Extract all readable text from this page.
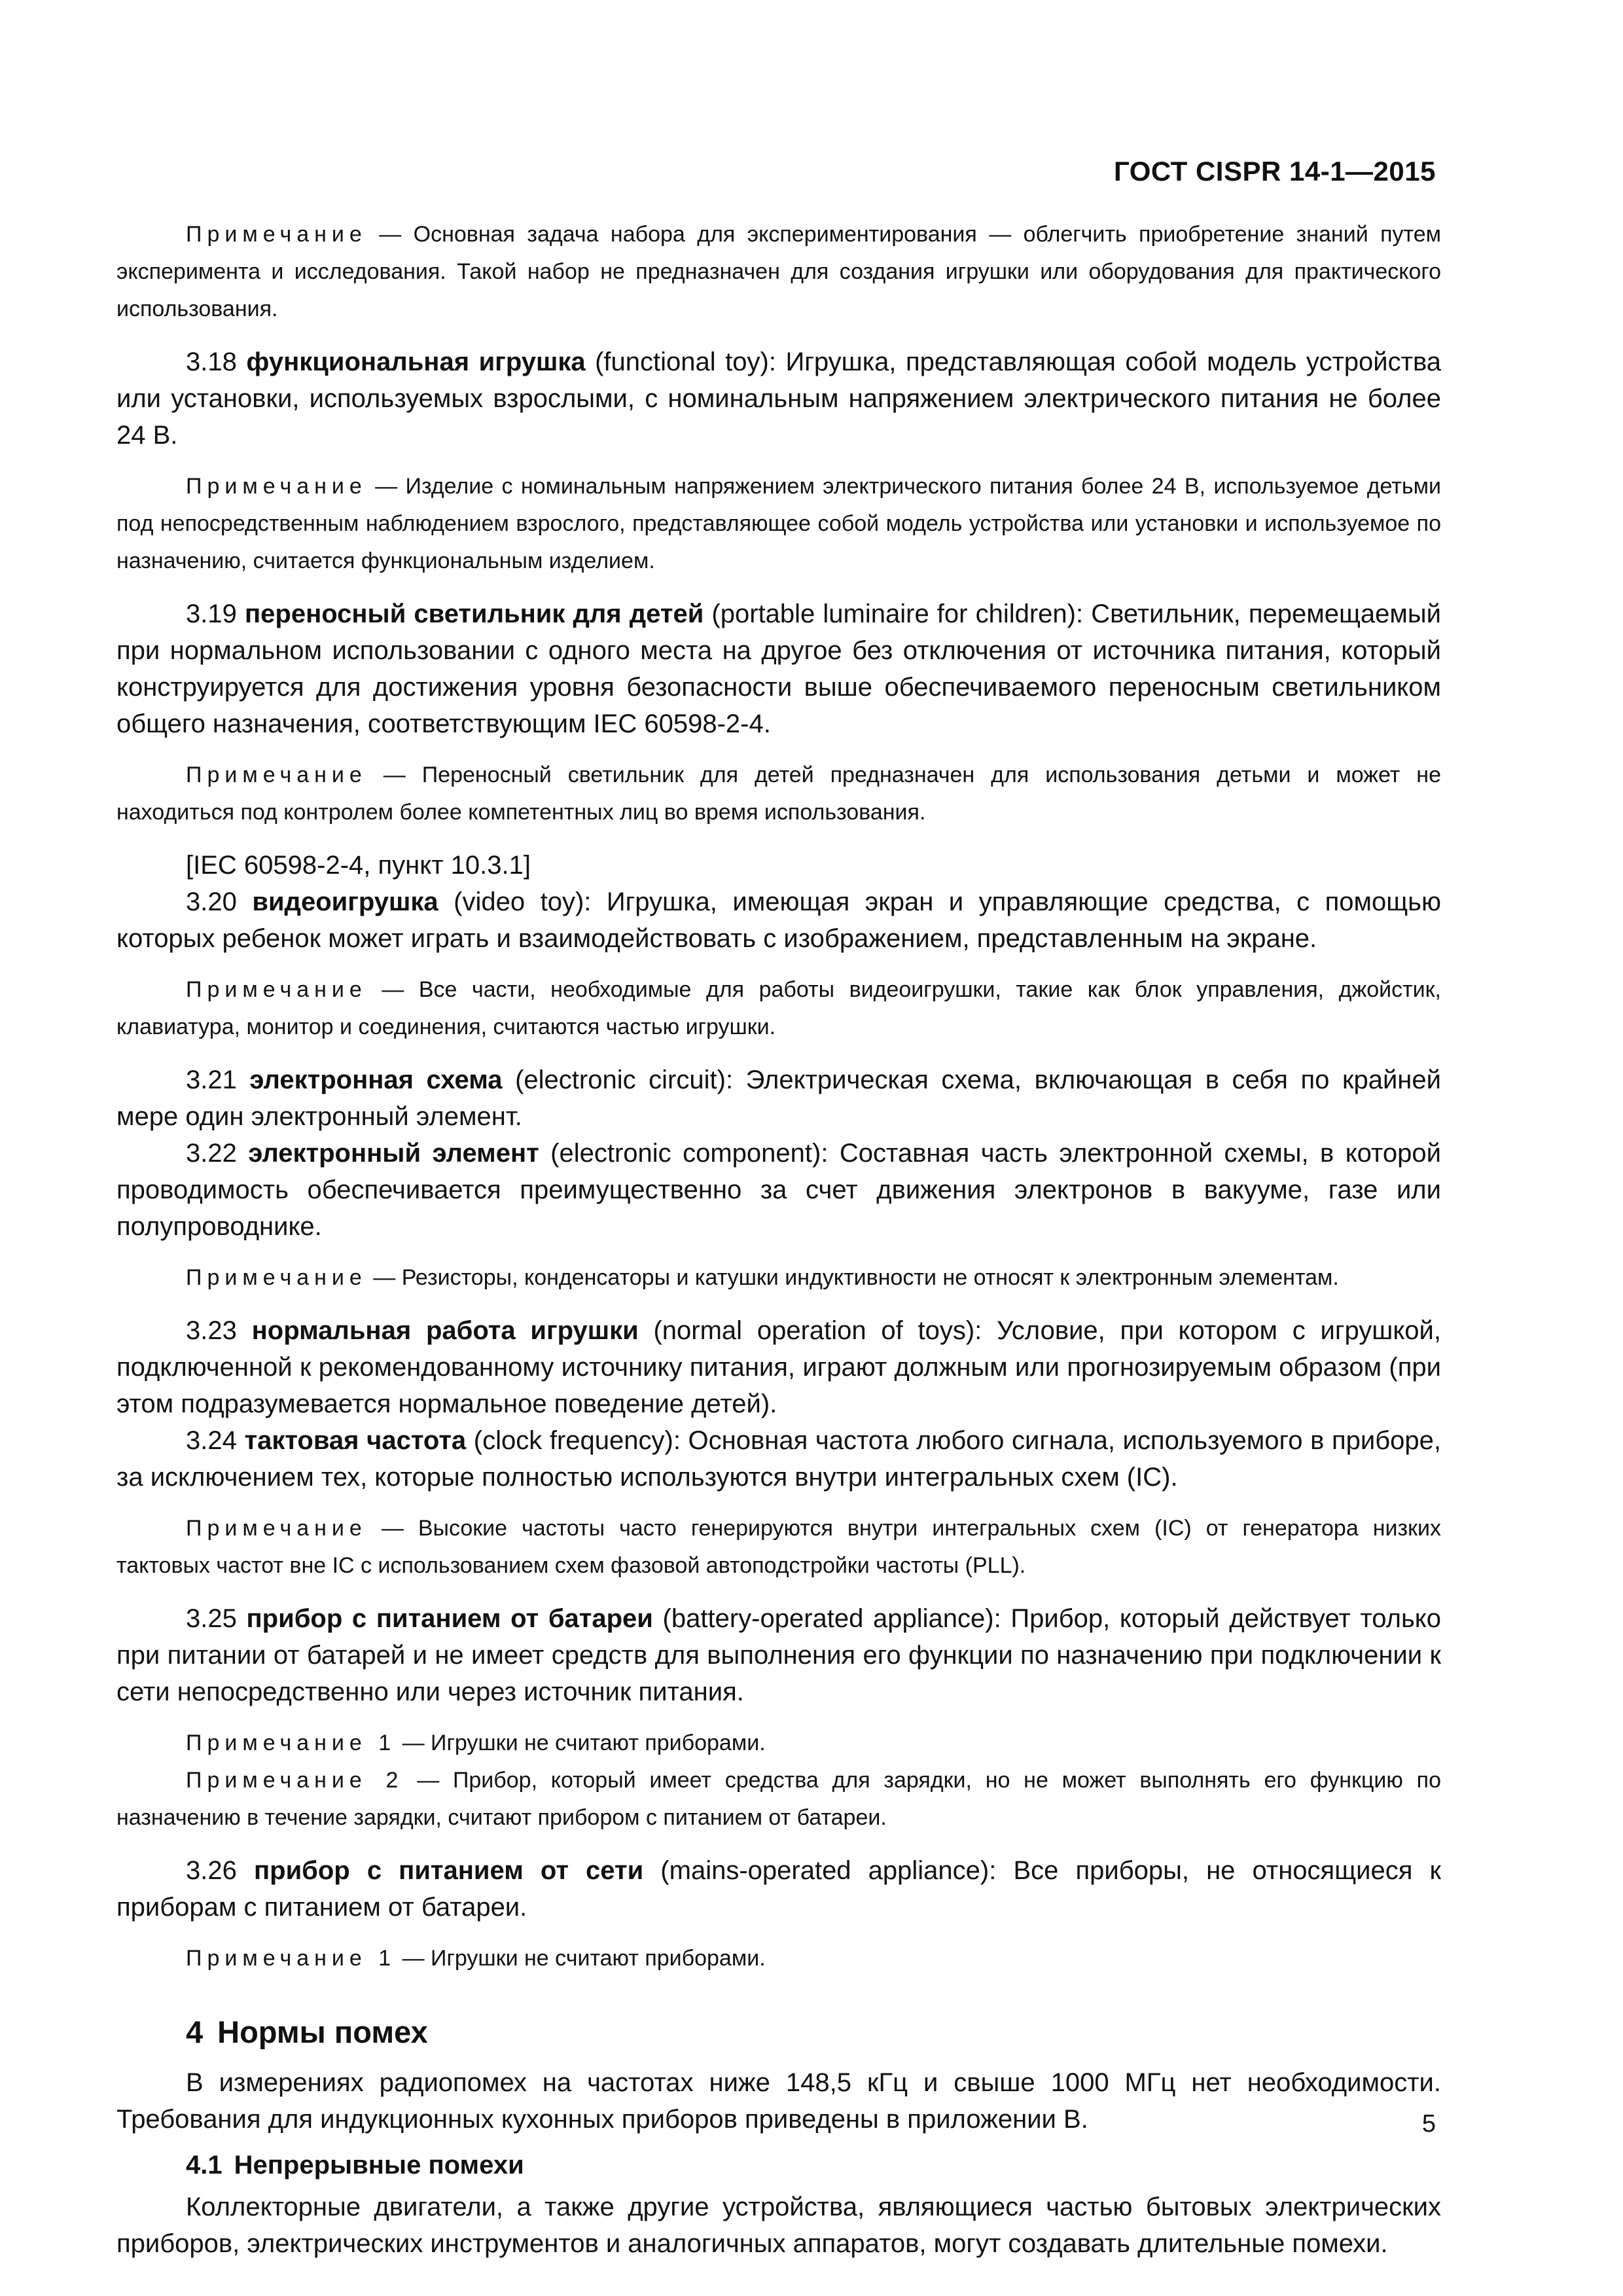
ГОСТ CISPR 14-1—2015

Примечание — Основная задача набора для экспериментирования — облегчить приобретение знаний путем эксперимента и исследования. Такой набор не предназначен для создания игрушки или оборудования для практического использования.

3.18 функциональная игрушка (functional toy): Игрушка, представляющая собой модель устройства или установки, используемых взрослыми, с номинальным напряжением электрического питания не более 24 В.

Примечание — Изделие с номинальным напряжением электрического питания более 24 В, используемое детьми под непосредственным наблюдением взрослого, представляющее собой модель устройства или установки и используемое по назначению, считается функциональным изделием.

3.19 переносный светильник для детей (portable luminaire for children): Светильник, перемещаемый при нормальном использовании с одного места на другое без отключения от источника питания, который конструируется для достижения уровня безопасности выше обеспечиваемого переносным светильником общего назначения, соответствующим IEC 60598-2-4.

Примечание — Переносный светильник для детей предназначен для использования детьми и может не находиться под контролем более компетентных лиц во время использования.

[IEC 60598-2-4, пункт 10.3.1]

3.20 видеоигрушка (video toy): Игрушка, имеющая экран и управляющие средства, с помощью которых ребенок может играть и взаимодействовать с изображением, представленным на экране.

Примечание — Все части, необходимые для работы видеоигрушки, такие как блок управления, джойстик, клавиатура, монитор и соединения, считаются частью игрушки.

3.21 электронная схема (electronic circuit): Электрическая схема, включающая в себя по крайней мере один электронный элемент.

3.22 электронный элемент (electronic component): Составная часть электронной схемы, в которой проводимость обеспечивается преимущественно за счет движения электронов в вакууме, газе или полупроводнике.

Примечание — Резисторы, конденсаторы и катушки индуктивности не относят к электронным элементам.

3.23 нормальная работа игрушки (normal operation of toys): Условие, при котором с игрушкой, подключенной к рекомендованному источнику питания, играют должным или прогнозируемым образом (при этом подразумевается нормальное поведение детей).

3.24 тактовая частота (clock frequency): Основная частота любого сигнала, используемого в приборе, за исключением тех, которые полностью используются внутри интегральных схем (IC).

Примечание — Высокие частоты часто генерируются внутри интегральных схем (IC) от генератора низких тактовых частот вне IC с использованием схем фазовой автоподстройки частоты (PLL).

3.25 прибор с питанием от батареи (battery-operated appliance): Прибор, который действует только при питании от батарей и не имеет средств для выполнения его функции по назначению при подключении к сети непосредственно или через источник питания.

Примечание 1 — Игрушки не считают приборами.

Примечание 2 — Прибор, который имеет средства для зарядки, но не может выполнять его функцию по назначению в течение зарядки, считают прибором с питанием от батареи.

3.26 прибор с питанием от сети (mains-operated appliance): Все приборы, не относящиеся к приборам с питанием от батареи.

Примечание 1 — Игрушки не считают приборами.

4 Нормы помех

В измерениях радиопомех на частотах ниже 148,5 кГц и свыше 1000 МГц нет необходимости. Требования для индукционных кухонных приборов приведены в приложении В.

4.1 Непрерывные помехи

Коллекторные двигатели, а также другие устройства, являющиеся частью бытовых электрических приборов, электрических инструментов и аналогичных аппаратов, могут создавать длительные помехи.

5
